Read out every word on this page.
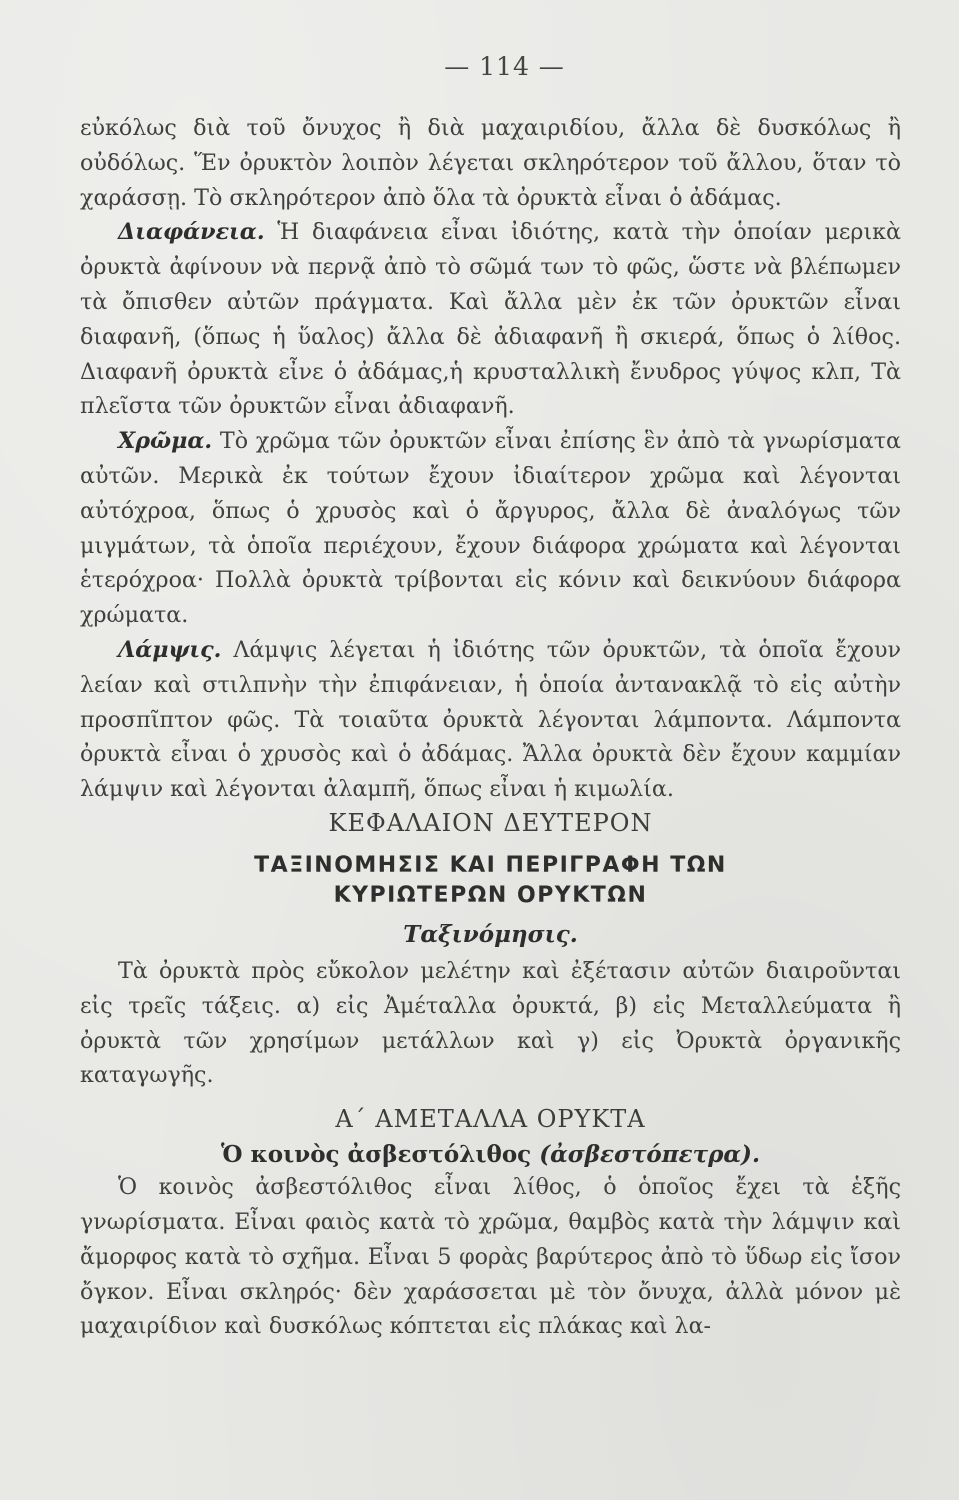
— 114 —

εὐκόλως διὰ τοῦ ὄνυχος ἢ διὰ μαχαιριδίου, ἄλλα δὲ δυσκόλως ἢ οὐδόλως. Ἕν ὀρυκτὸν λοιπὸν λέγεται σκληρότερον τοῦ ἄλλου, ὅταν τὸ χαράσσῃ. Τὸ σκληρότερον ἀπὸ ὅλα τὰ ὀρυκτὰ εἶναι ὁ ἀδάμας.

Διαφάνεια. Ἡ διαφάνεια εἶναι ἰδιότης, κατὰ τὴν ὁποίαν μερικὰ ὀρυκτὰ ἀφίνουν νὰ περνᾷ ἀπὸ τὸ σῶμά των τὸ φῶς, ὥστε νὰ βλέπωμεν τὰ ὄπισθεν αὐτῶν πράγματα. Καὶ ἄλλα μὲν ἐκ τῶν ὀρυκτῶν εἶναι διαφανῆ, (ὅπως ἡ ὕαλος) ἄλλα δὲ ἀδιαφανῆ ἢ σκιερά, ὅπως ὁ λίθος. Διαφανῆ ὀρυκτὰ εἶνε ὁ ἀδάμας,ἡ κρυσταλλικὴ ἔνυδρος γύψος κλπ, Τὰ πλεῖστα τῶν ὀρυκτῶν εἶναι ἀδιαφανῆ.

Χρῶμα. Τὸ χρῶμα τῶν ὀρυκτῶν εἶναι ἐπίσης ἓν ἀπὸ τὰ γνωρίσματα αὐτῶν. Μερικὰ ἐκ τούτων ἔχουν ἰδιαίτερον χρῶμα καὶ λέγονται αὐτόχροα, ὅπως ὁ χρυσὸς καὶ ὁ ἄργυρος, ἄλλα δὲ ἀναλόγως τῶν μιγμάτων, τὰ ὁποῖα περιέχουν, ἔχουν διάφορα χρώματα καὶ λέγονται ἑτερόχροα· Πολλὰ ὀρυκτὰ τρίβονται εἰς κόνιν καὶ δεικνύουν διάφορα χρώματα.

Λάμψις. Λάμψις λέγεται ἡ ἰδιότης τῶν ὀρυκτῶν, τὰ ὁποῖα ἔχουν λείαν καὶ στιλπνὴν τὴν ἐπιφάνειαν, ἡ ὁποία ἀντανακλᾷ τὸ εἰς αὐτὴν προσπῖπτον φῶς. Τὰ τοιαῦτα ὀρυκτὰ λέγονται λάμποντα. Λάμποντα ὀρυκτὰ εἶναι ὁ χρυσὸς καὶ ὁ ἀδάμας. Ἄλλα ὀρυκτὰ δὲν ἔχουν καμμίαν λάμψιν καὶ λέγονται ἀλαμπῆ, ὅπως εἶναι ἡ κιμωλία.

ΚΕΦΑΛΑΙΟΝ ΔΕΥΤΕΡΟΝ
ΤΑΞΙΝΟΜΗΣΙΣ ΚΑΙ ΠΕΡΙΓΡΑΦΗ ΤΩΝ
ΚΥΡΙΩΤΕΡΩΝ ΟΡΥΚΤΩΝ
Ταξινόμησις.

Τὰ ὀρυκτὰ πρὸς εὔκολον μελέτην καὶ ἐξέτασιν αὐτῶν διαιροῦνται εἰς τρεῖς τάξεις. α) εἰς Ἀμέταλλα ὀρυκτά, β) εἰς Μεταλλεύματα ἢ ὀρυκτὰ τῶν χρησίμων μετάλλων καὶ γ) εἰς Ὀρυκτὰ ὀργανικῆς καταγωγῆς.

Α΄ ΑΜΕΤΑΛΛΑ ΟΡΥΚΤΑ
Ὁ κοινὸς ἀσβεστόλιθος (ἀσβεστόπετρα).

Ὁ κοινὸς ἀσβεστόλιθος εἶναι λίθος, ὁ ὁποῖος ἔχει τὰ ἑξῆς γνωρίσματα. Εἶναι φαιὸς κατὰ τὸ χρῶμα, θαμβὸς κατὰ τὴν λάμψιν καὶ ἄμορφος κατὰ τὸ σχῆμα. Εἶναι 5 φορὰς βαρύτερος ἀπὸ τὸ ὕδωρ εἰς ἴσον ὄγκον. Εἶναι σκληρός· δὲν χαράσσεται μὲ τὸν ὄνυχα, ἀλλὰ μόνον μὲ μαχαιρίδιον καὶ δυσκόλως κόπτεται εἰς πλάκας καὶ λα-
